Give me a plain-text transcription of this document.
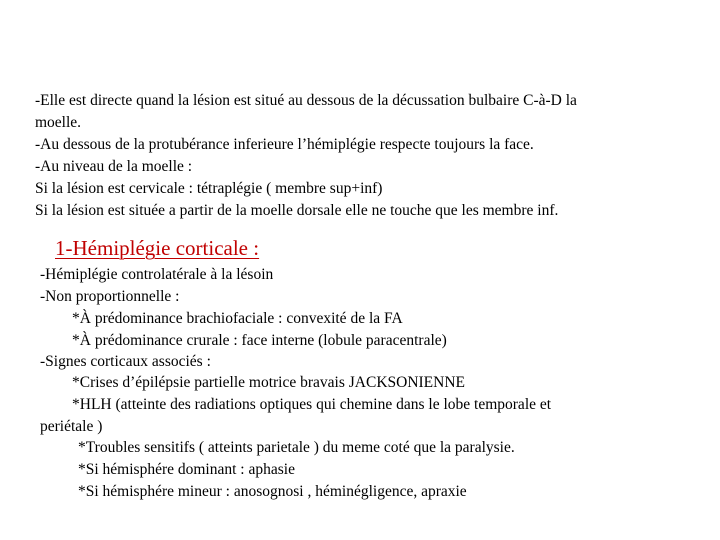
-Elle est directe quand la lésion est situé au dessous de la décussation bulbaire C-à-D la
moelle.
-Au dessous de la protubérance inferieure l’hémiplégie respecte toujours la face.
-Au niveau de la moelle :
Si la lésion est cervicale : tétraplégie ( membre sup+inf)
Si la lésion est située a partir de la moelle dorsale elle ne touche que les membre inf.
1-Hémiplégie corticale :
-Hémiplégie controlatérale à la lésoin
-Non proportionnelle :
*À prédominance brachiofaciale : convexité de la FA
*À prédominance crurale : face interne (lobule paracentrale)
-Signes corticaux associés :
*Crises d’épilépsie partielle motrice bravais JACKSONIENNE
*HLH (atteinte des radiations optiques qui chemine dans le lobe temporale et
periétale )
*Troubles sensitifs ( atteints parietale ) du meme coté que la paralysie.
*Si hémisphére dominant : aphasie
*Si hémisphére mineur : anosognosi , héminégligence, apraxie
